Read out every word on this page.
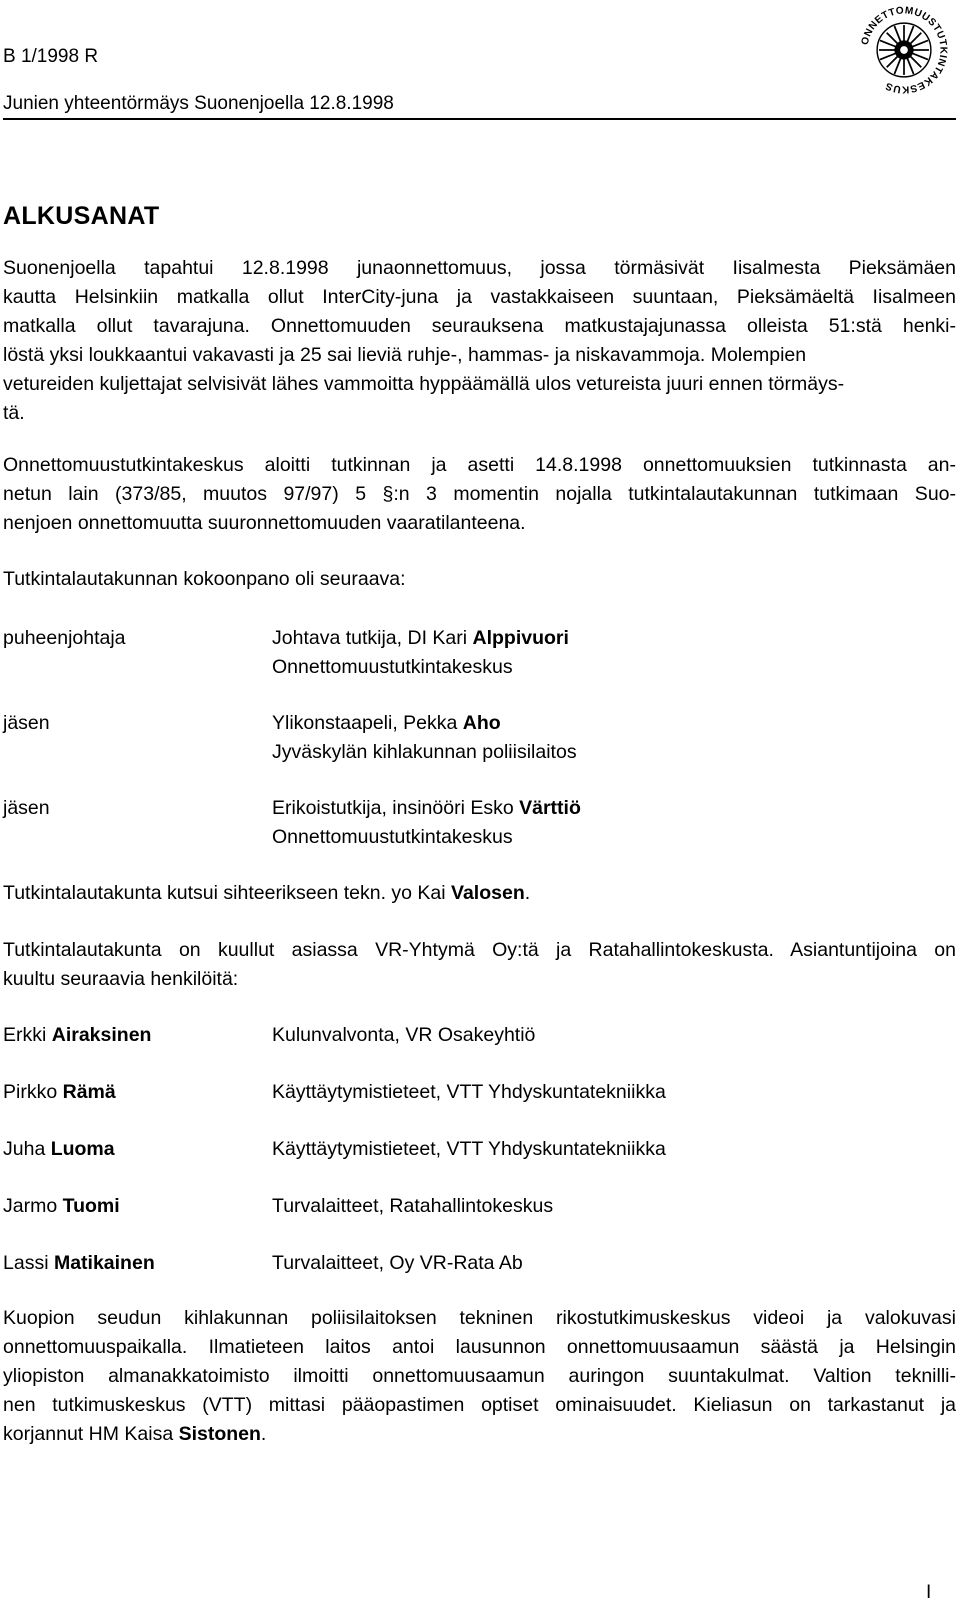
B 1/1998 R
Junien yhteentörmäys Suonenjoella 12.8.1998
ONNETTOMUUSTUTKINTAKESKUS
ALKUSANAT
Suonenjoella tapahtui 12.8.1998 junaonnettomuus, jossa törmäsivät Iisalmesta Pieksämäen
kautta Helsinkiin matkalla ollut InterCity-juna ja vastakkaiseen suuntaan, Pieksämäeltä Iisalmeen
matkalla ollut tavarajuna. Onnettomuuden seurauksena matkustajajunassa olleista 51:stä henki-
löstä yksi loukkaantui vakavasti ja 25 sai lieviä ruhje-, hammas- ja niskavammoja. Molempien
vetureiden kuljettajat selvisivät lähes vammoitta hyppäämällä ulos vetureista juuri ennen törmäys-
tä.
Onnettomuustutkintakeskus aloitti tutkinnan ja asetti 14.8.1998 onnettomuuksien tutkinnasta an-
netun lain (373/85, muutos 97/97) 5 §:n 3 momentin nojalla tutkintalautakunnan tutkimaan Suo-
nenjoen onnettomuutta suuronnettomuuden vaaratilanteena.
Tutkintalautakunnan kokoonpano oli seuraava:
puheenjohtaja	Johtava tutkija, DI Kari Alppivuori
Onnettomuustutkintakeskus
jäsen	Ylikonstaapeli, Pekka Aho
Jyväskylän kihlakunnan poliisilaitos
jäsen	Erikoistutkija, insinööri Esko Värttiö
Onnettomuustutkintakeskus
Tutkintalautakunta kutsui sihteerikseen tekn. yo Kai Valosen.
Tutkintalautakunta on kuullut asiassa VR-Yhtymä Oy:tä ja Ratahallintokeskusta. Asiantuntijoina on
kuultu seuraavia henkilöitä:
Erkki Airaksinen	Kulunvalvonta, VR Osakeyhtiö
Pirkko Rämä	Käyttäytymistieteet, VTT Yhdyskuntatekniikka
Juha Luoma	Käyttäytymistieteet, VTT Yhdyskuntatekniikka
Jarmo Tuomi	Turvalaitteet, Ratahallintokeskus
Lassi Matikainen	Turvalaitteet, Oy VR-Rata Ab
Kuopion seudun kihlakunnan poliisilaitoksen tekninen rikostutkimuskeskus videoi ja valokuvasi
onnettomuuspaikalla. Ilmatieteen laitos antoi lausunnon onnettomuusaamun säästä ja Helsingin
yliopiston almanakkatoimisto ilmoitti onnettomuusaamun auringon suuntakulmat. Valtion teknilli-
nen tutkimuskeskus (VTT) mittasi pääopastimen optiset ominaisuudet. Kieliasun on tarkastanut ja
korjannut HM Kaisa Sistonen.
I
